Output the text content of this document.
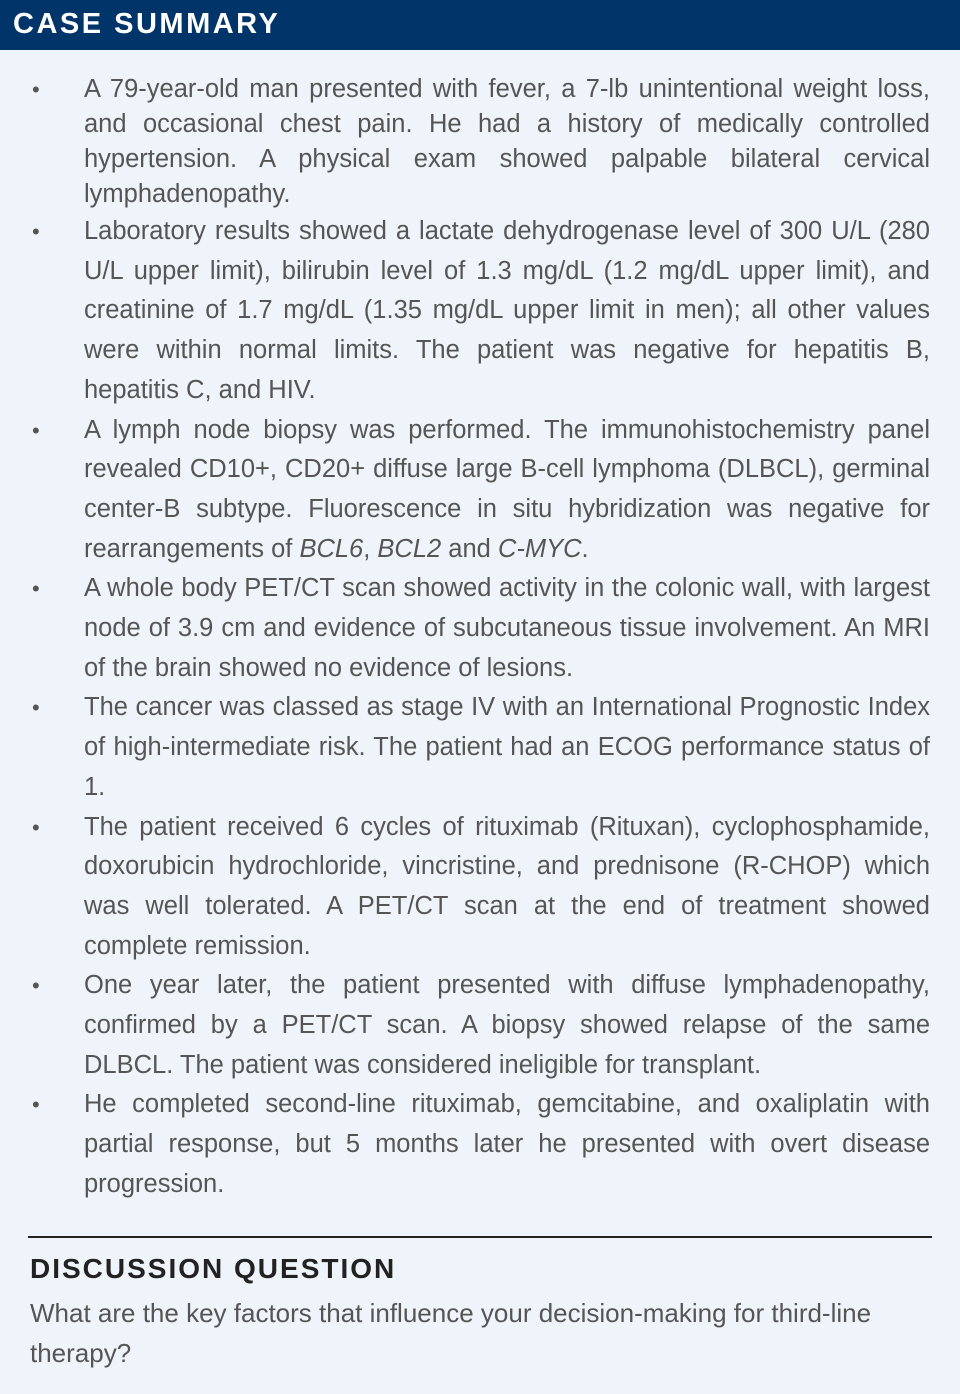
CASE SUMMARY
• A 79-year-old man presented with fever, a 7-lb unintentional weight loss, and occasional chest pain. He had a history of medically controlled hypertension. A physical exam showed palpable bilateral cervical lymphadenopathy.
• Laboratory results showed a lactate dehydrogenase level of 300 U/L (280 U/L upper limit), bilirubin level of 1.3 mg/dL (1.2 mg/dL upper limit), and creatinine of 1.7 mg/dL (1.35 mg/dL upper limit in men); all other values were within normal limits. The patient was negative for hepatitis B, hepatitis C, and HIV.
• A lymph node biopsy was performed. The immunohistochemistry panel revealed CD10+, CD20+ diffuse large B-cell lymphoma (DLBCL), germinal center-B subtype. Fluorescence in situ hybridization was negative for rearrangements of BCL6, BCL2 and C-MYC.
• A whole body PET/CT scan showed activity in the colonic wall, with largest node of 3.9 cm and evidence of subcutaneous tissue involvement. An MRI of the brain showed no evidence of lesions.
• The cancer was classed as stage IV with an International Prognostic Index of high-intermediate risk. The patient had an ECOG performance status of 1.
• The patient received 6 cycles of rituximab (Rituxan), cyclophosphamide, doxorubicin hydrochloride, vincristine, and prednisone (R-CHOP) which was well tolerated. A PET/CT scan at the end of treatment showed complete remission.
• One year later, the patient presented with diffuse lymphadenopathy, confirmed by a PET/CT scan. A biopsy showed relapse of the same DLBCL. The patient was considered ineligible for transplant.
• He completed second-line rituximab, gemcitabine, and oxaliplatin with partial response, but 5 months later he presented with overt disease progression.
DISCUSSION QUESTION
What are the key factors that influence your decision-making for third-line therapy?
